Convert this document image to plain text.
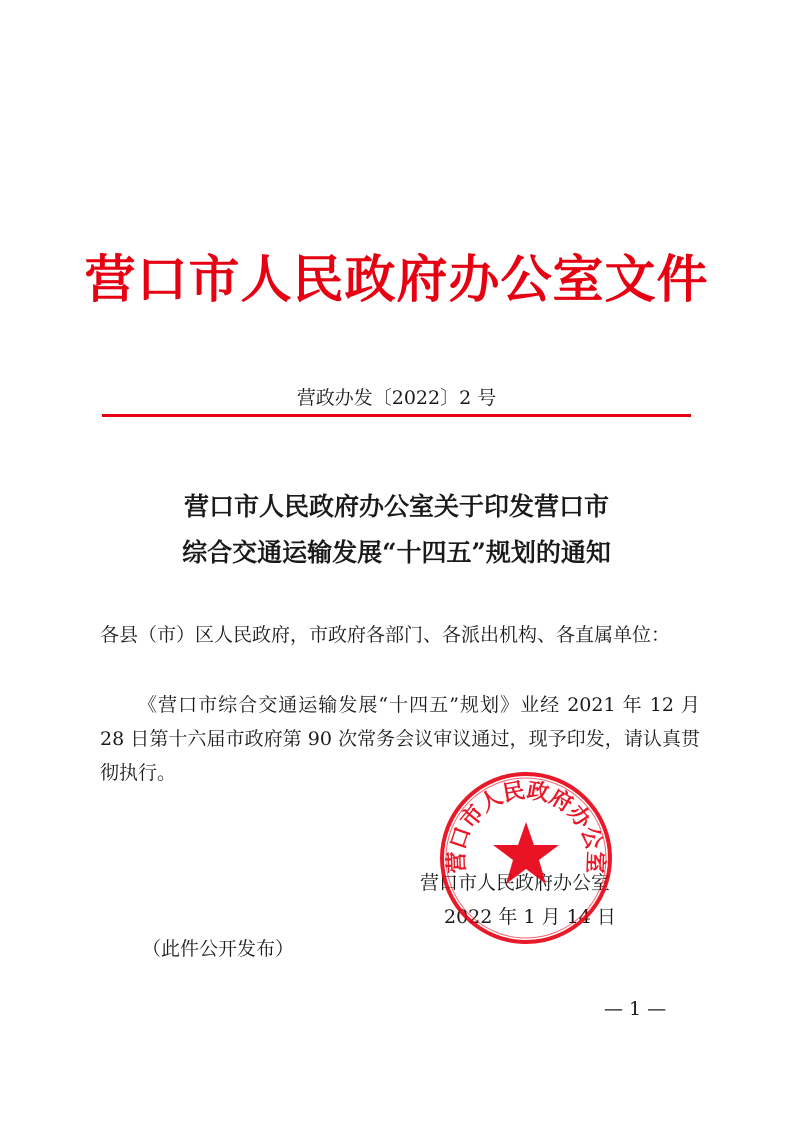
营口市人民政府办公室文件
营政办发〔2022〕2 号
营口市人民政府办公室关于印发营口市
综合交通运输发展“十四五”规划的通知
各县（市）区人民政府，市政府各部门、各派出机构、各直属单位：
《营口市综合交通运输发展“十四五”规划》业经 2021 年 12 月 28 日第十六届市政府第 90 次常务会议审议通过，现予印发，请认真贯彻执行。
营口市人民政府办公室
2022 年 1 月 14 日
营口市人民政府办公室
（此件公开发布）
— 1 —
